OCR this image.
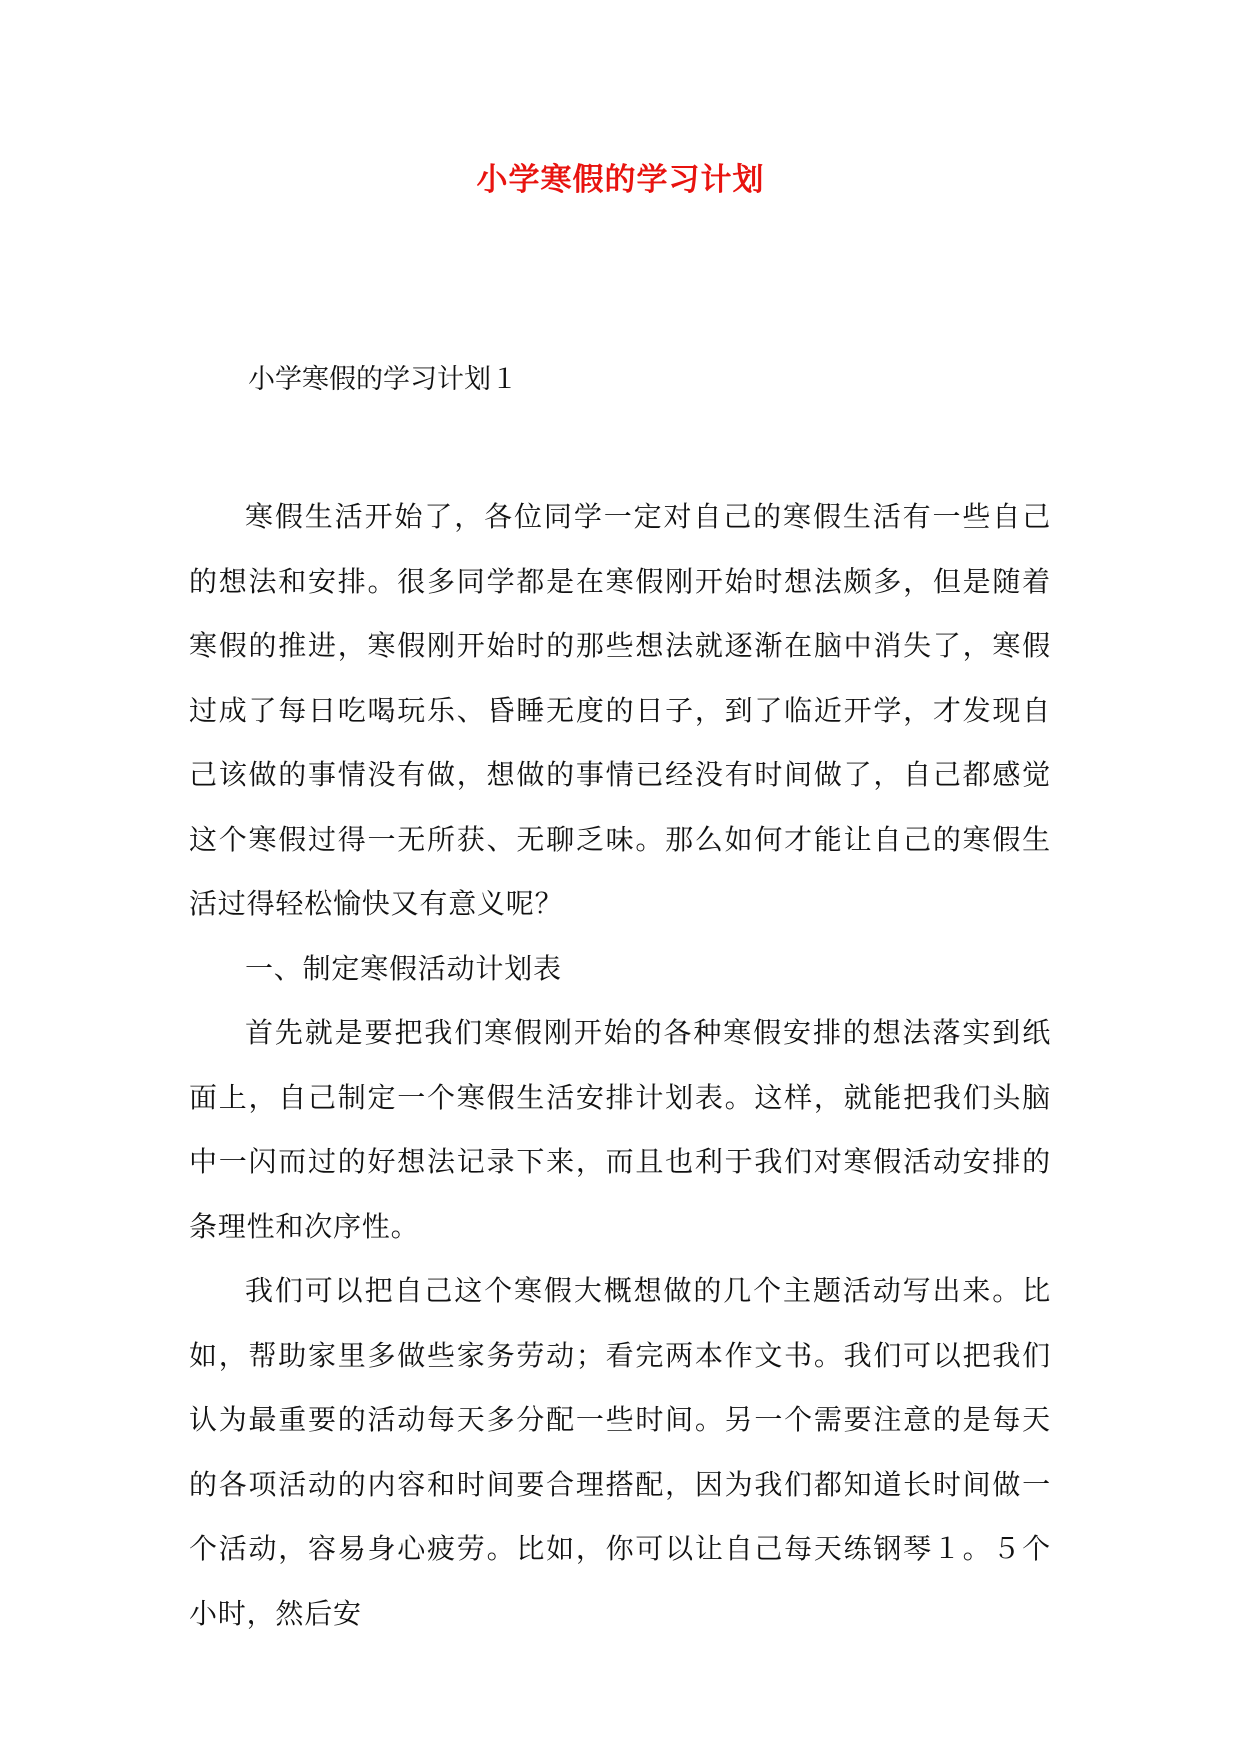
小学寒假的学习计划
小学寒假的学习计划１

寒假生活开始了，各位同学一定对自己的寒假生活有一些自己的想法和安排。很多同学都是在寒假刚开始时想法颇多，但是随着寒假的推进，寒假刚开始时的那些想法就逐渐在脑中消失了，寒假过成了每日吃喝玩乐、昏睡无度的日子，到了临近开学，才发现自己该做的事情没有做，想做的事情已经没有时间做了，自己都感觉这个寒假过得一无所获、无聊乏味。那么如何才能让自己的寒假生活过得轻松愉快又有意义呢？

一、制定寒假活动计划表

首先就是要把我们寒假刚开始的各种寒假安排的想法落实到纸面上，自己制定一个寒假生活安排计划表。这样，就能把我们头脑中一闪而过的好想法记录下来，而且也利于我们对寒假活动安排的条理性和次序性。

我们可以把自己这个寒假大概想做的几个主题活动写出来。比如，帮助家里多做些家务劳动；看完两本作文书。我们可以把我们认为最重要的活动每天多分配一些时间。另一个需要注意的是每天的各项活动的内容和时间要合理搭配，因为我们都知道长时间做一个活动，容易身心疲劳。比如，你可以让自己每天练钢琴１。５个小时，然后安
